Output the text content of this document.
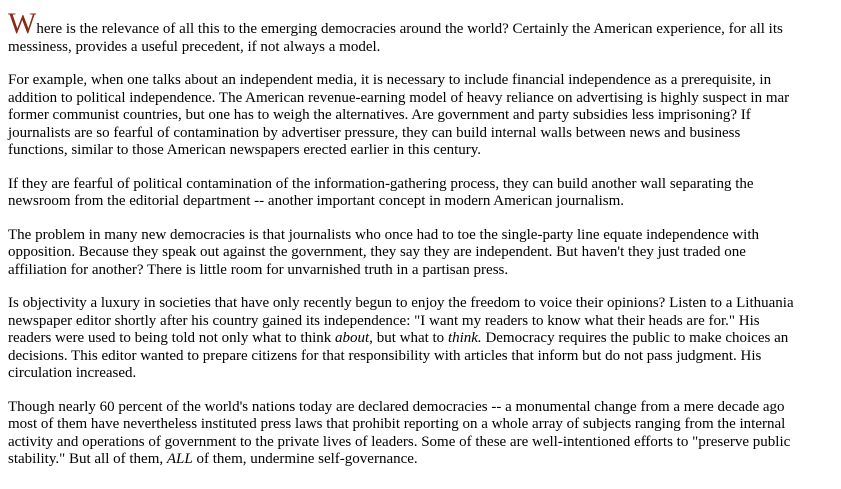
Where is the relevance of all this to the emerging democracies around the world? Certainly the American experience, for all its
messiness, provides a useful precedent, if not always a model.

For example, when one talks about an independent media, it is necessary to include financial independence as a prerequisite, in
addition to political independence. The American revenue-earning model of heavy reliance on advertising is highly suspect in mar
former communist countries, but one has to weigh the alternatives. Are government and party subsidies less imprisoning? If
journalists are so fearful of contamination by advertiser pressure, they can build internal walls between news and business
functions, similar to those American newspapers erected earlier in this century.

If they are fearful of political contamination of the information-gathering process, they can build another wall separating the
newsroom from the editorial department -- another important concept in modern American journalism.

The problem in many new democracies is that journalists who once had to toe the single-party line equate independence with
opposition. Because they speak out against the government, they say they are independent. But haven't they just traded one
affiliation for another? There is little room for unvarnished truth in a partisan press.

Is objectivity a luxury in societies that have only recently begun to enjoy the freedom to voice their opinions? Listen to a Lithuania
newspaper editor shortly after his country gained its independence: "I want my readers to know what their heads are for." His
readers were used to being told not only what to think about, but what to think. Democracy requires the public to make choices an
decisions. This editor wanted to prepare citizens for that responsibility with articles that inform but do not pass judgment. His
circulation increased.

Though nearly 60 percent of the world's nations today are declared democracies -- a monumental change from a mere decade ago
most of them have nevertheless instituted press laws that prohibit reporting on a whole array of subjects ranging from the internal
activity and operations of government to the private lives of leaders. Some of these are well-intentioned efforts to "preserve public
stability." But all of them, ALL of them, undermine self-governance.
